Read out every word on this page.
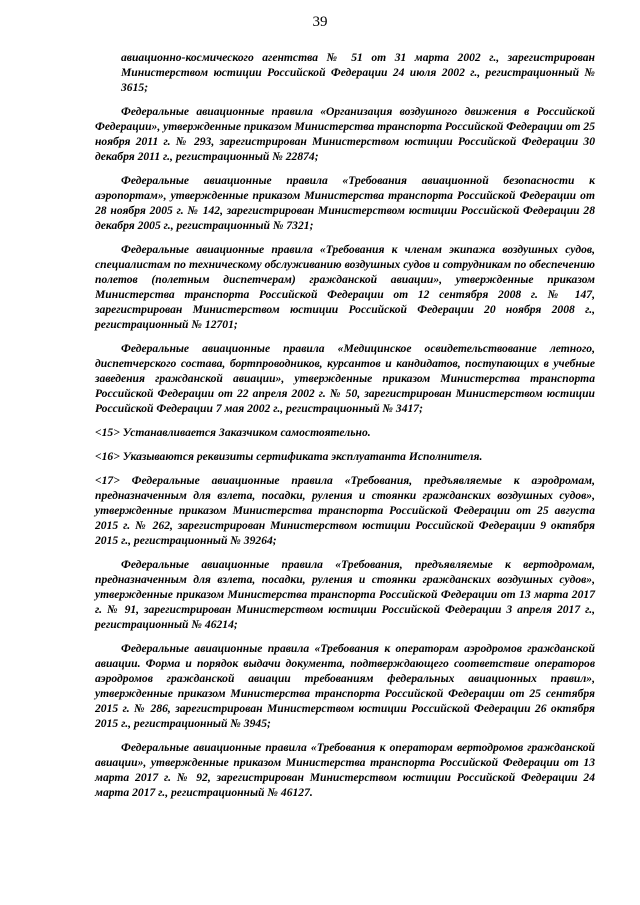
39

авиационно-космического агентства № 51 от 31 марта 2002 г., зарегистрирован Министерством юстиции Российской Федерации 24 июля 2002 г., регистрационный № 3615;

Федеральные авиационные правила «Организация воздушного движения в Российской Федерации», утвержденные приказом Министерства транспорта Российской Федерации от 25 ноября 2011 г. № 293, зарегистрирован Министерством юстиции Российской Федерации 30 декабря 2011 г., регистрационный № 22874;

Федеральные авиационные правила «Требования авиационной безопасности к аэропортам», утвержденные приказом Министерства транспорта Российской Федерации от 28 ноября 2005 г. № 142, зарегистрирован Министерством юстиции Российской Федерации 28 декабря 2005 г., регистрационный № 7321;

Федеральные авиационные правила «Требования к членам экипажа воздушных судов, специалистам по техническому обслуживанию воздушных судов и сотрудникам по обеспечению полетов (полетным диспетчерам) гражданской авиации», утвержденные приказом Министерства транспорта Российской Федерации от 12 сентября 2008 г. № 147, зарегистрирован Министерством юстиции Российской Федерации 20 ноября 2008 г., регистрационный № 12701;

Федеральные авиационные правила «Медицинское освидетельствование летного, диспетчерского состава, бортпроводников, курсантов и кандидатов, поступающих в учебные заведения гражданской авиации», утвержденные приказом Министерства транспорта Российской Федерации от 22 апреля 2002 г. № 50, зарегистрирован Министерством юстиции Российской Федерации 7 мая 2002 г., регистрационный № 3417;

<15> Устанавливается Заказчиком самостоятельно.

<16> Указываются реквизиты сертификата эксплуатанта Исполнителя.

<17> Федеральные авиационные правила «Требования, предъявляемые к аэродромам, предназначенным для взлета, посадки, руления и стоянки гражданских воздушных судов», утвержденные приказом Министерства транспорта Российской Федерации от 25 августа 2015 г. № 262, зарегистрирован Министерством юстиции Российской Федерации 9 октября 2015 г., регистрационный № 39264;

Федеральные авиационные правила «Требования, предъявляемые к вертодромам, предназначенным для взлета, посадки, руления и стоянки гражданских воздушных судов», утвержденные приказом Министерства транспорта Российской Федерации от 13 марта 2017 г. № 91, зарегистрирован Министерством юстиции Российской Федерации 3 апреля 2017 г., регистрационный № 46214;

Федеральные авиационные правила «Требования к операторам аэродромов гражданской авиации. Форма и порядок выдачи документа, подтверждающего соответствие операторов аэродромов гражданской авиации требованиям федеральных авиационных правил», утвержденные приказом Министерства транспорта Российской Федерации от 25 сентября 2015 г. № 286, зарегистрирован Министерством юстиции Российской Федерации 26 октября 2015 г., регистрационный № 3945;

Федеральные авиационные правила «Требования к операторам вертодромов гражданской авиации», утвержденные приказом Министерства транспорта Российской Федерации от 13 марта 2017 г. № 92, зарегистрирован Министерством юстиции Российской Федерации 24 марта 2017 г., регистрационный № 46127.
